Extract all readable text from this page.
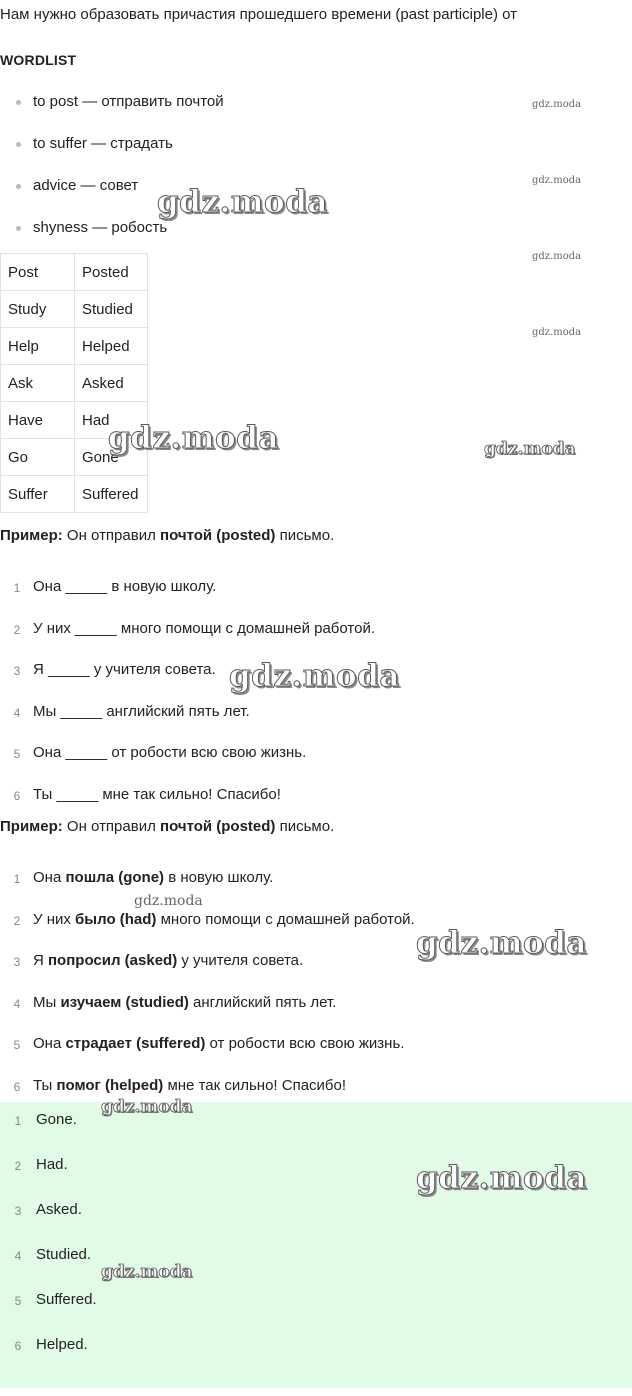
Нам нужно образовать причастия прошедшего времени (past participle) от
WORDLIST
to post — отправить почтой
to suffer — страдать
advice — совет
shyness — робость
Post	Posted
Study	Studied
Help	Helped
Ask	Asked
Have	Had
Go	Gone
Suffer	Suffered
Пример: Он отправил почтой (posted) письмо.
1 Она _____ в новую школу.
2 У них _____ много помощи с домашней работой.
3 Я _____ у учителя совета.
4 Мы _____ английский пять лет.
5 Она _____ от робости всю свою жизнь.
6 Ты _____ мне так сильно! Спасибо!
Пример: Он отправил почтой (posted) письмо.
1 Она пошла (gone) в новую школу.
2 У них было (had) много помощи с домашней работой.
3 Я попросил (asked) у учителя совета.
4 Мы изучаем (studied) английский пять лет.
5 Она страдает (suffered) от робости всю свою жизнь.
6 Ты помог (helped) мне так сильно! Спасибо!
1 Gone.
2 Had.
3 Asked.
4 Studied.
5 Suffered.
6 Helped.
gdz.moda
gdz.moda
gdz.moda
gdz.moda
gdz.moda
gdz.moda	gdz.moda
gdz.moda
gdz.moda
gdz.moda
gdz.moda
gdz.moda
gdz.moda
